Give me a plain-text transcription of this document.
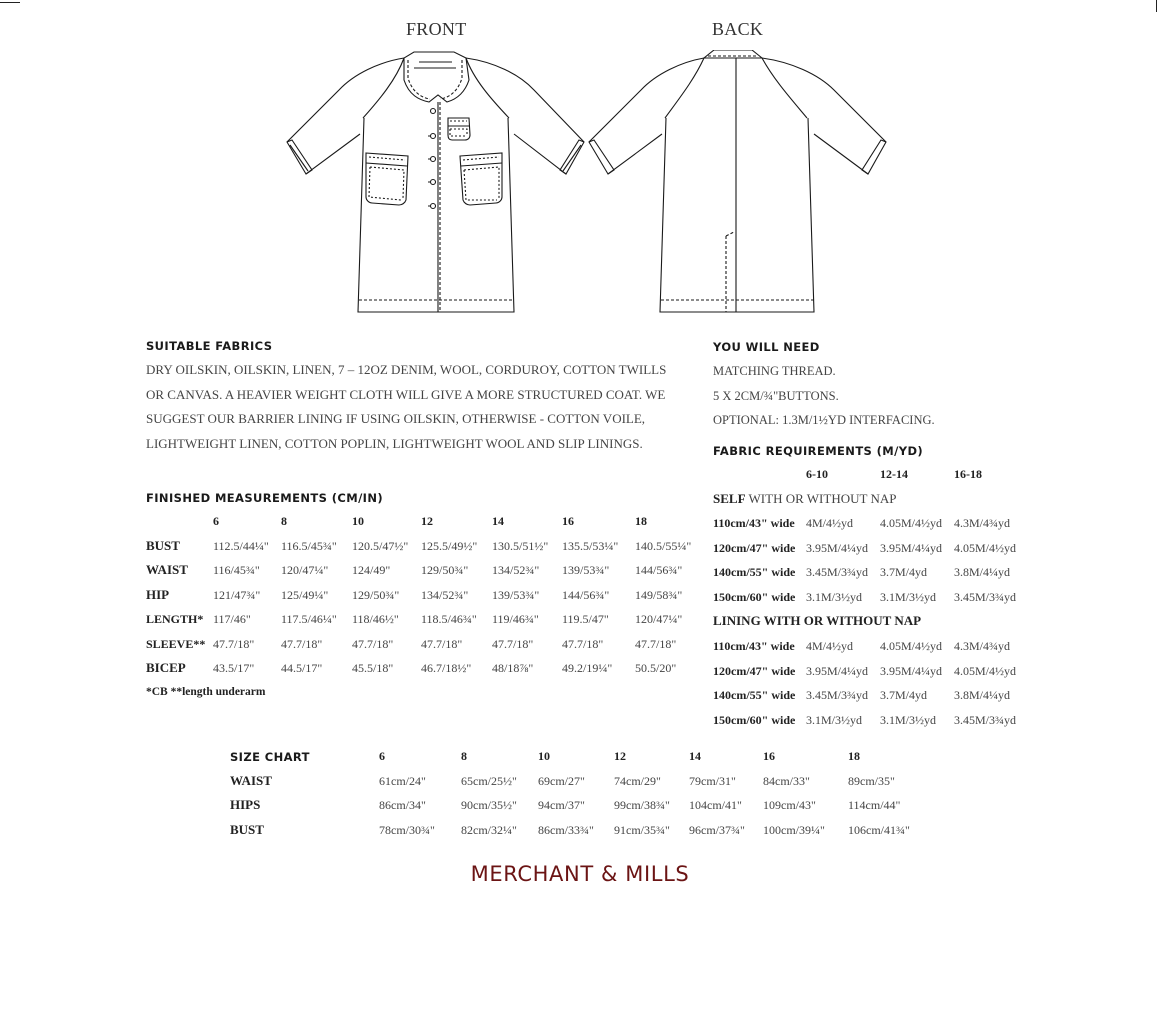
FRONT	BACK
SUITABLE FABRICS
DRY OILSKIN, OILSKIN, LINEN, 7 – 12OZ DENIM, WOOL, CORDUROY, COTTON TWILLS
OR CANVAS. A HEAVIER WEIGHT CLOTH WILL GIVE A MORE STRUCTURED COAT. WE
SUGGEST OUR BARRIER LINING IF USING OILSKIN, OTHERWISE - COTTON VOILE,
LIGHTWEIGHT LINEN, COTTON POPLIN, LIGHTWEIGHT WOOL AND SLIP LININGS.
FINISHED MEASUREMENTS (CM/IN)
6	8	10	12	14	16	18
BUST	112.5/44¼" 116.5/45¾" 120.5/47½" 125.5/49½" 130.5/51½" 135.5/53¼" 140.5/55¼"
WAIST 116/45¾" 120/47¼" 124/49"	129/50¾" 134/52¾" 139/53¾" 144/56¾"
HIP	121/47¾" 125/49¼" 129/50¾" 134/52¾" 139/53¾" 144/56¾" 149/58¾"
LENGTH* 117/46"	117.5/46¼" 118/46½" 118.5/46¾" 119/46¾" 119.5/47" 120/47¼"
SLEEVE** 47.7/18" 47.7/18" 47.7/18" 47.7/18" 47.7/18" 47.7/18"	47.7/18"
BICEP 43.5/17" 44.5/17" 45.5/18" 46.7/18½" 48/18⅞" 49.2/19¼" 50.5/20"
*CB **length underarm
YOU WILL NEED
MATCHING THREAD.
5 X 2CM/¾"BUTTONS.
OPTIONAL: 1.3M/1½YD INTERFACING.
FABRIC REQUIREMENTS (M/YD)
6-10	12-14	16-18
SELF WITH OR WITHOUT NAP
110cm/43" wide 4M/4½yd 4.05M/4½yd 4.3M/4¾yd
120cm/47" wide 3.95M/4¼yd 3.95M/4¼yd 4.05M/4½yd
140cm/55" wide 3.45M/3¾yd 3.7M/4yd 3.8M/4¼yd
150cm/60" wide 3.1M/3½yd 3.1M/3½yd 3.45M/3¾yd
LINING WITH OR WITHOUT NAP
110cm/43" wide 4M/4½yd 4.05M/4½yd 4.3M/4¾yd
120cm/47" wide 3.95M/4¼yd 3.95M/4¼yd 4.05M/4½yd
140cm/55" wide 3.45M/3¾yd 3.7M/4yd 3.8M/4¼yd
150cm/60" wide 3.1M/3½yd 3.1M/3½yd 3.45M/3¾yd
SIZE CHART	6	8	10	12	14	16	18
WAIST	61cm/24"	65cm/25½" 69cm/27" 74cm/29" 79cm/31" 84cm/33"	89cm/35"
HIPS	86cm/34"	90cm/35½" 94cm/37" 99cm/38¾" 104cm/41" 109cm/43"	114cm/44"
BUST	78cm/30¾" 82cm/32¼" 86cm/33¾" 91cm/35¾" 96cm/37¾" 100cm/39¼" 106cm/41¾"
MERCHANT & MILLS
